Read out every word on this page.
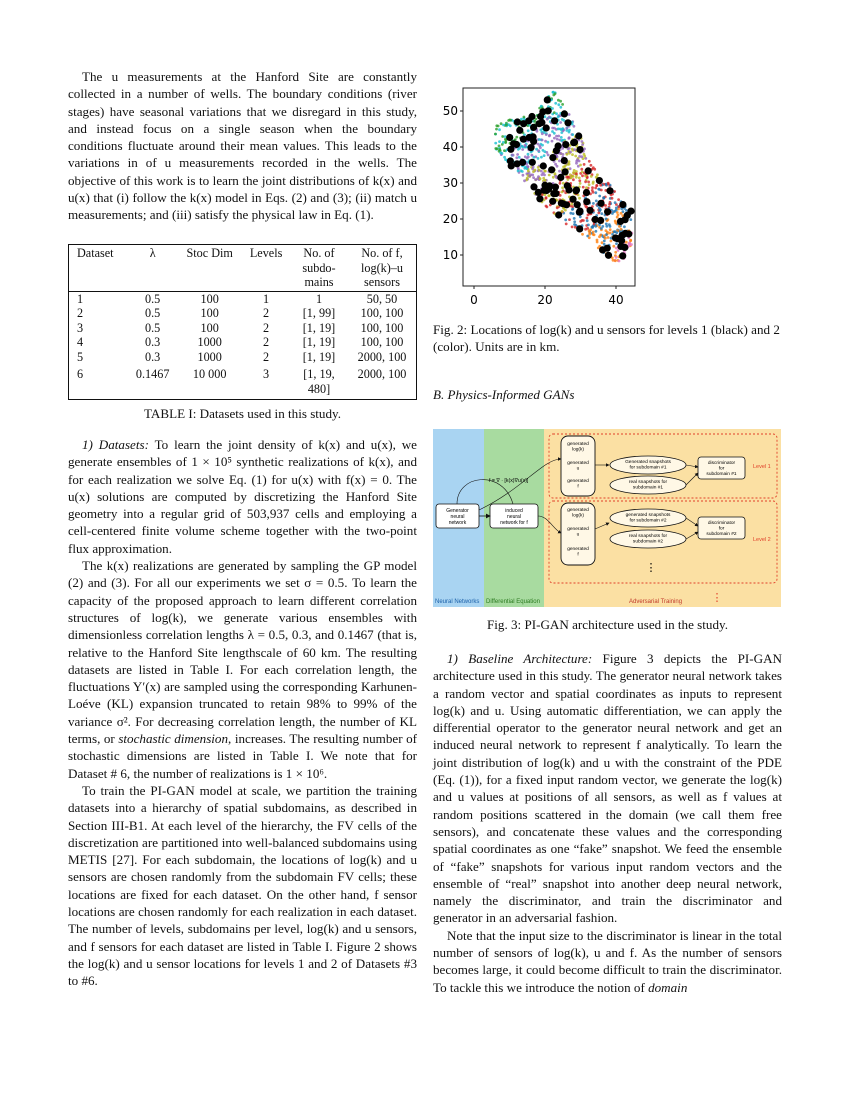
The u measurements at the Hanford Site are constantly collected in a number of wells. The boundary conditions (river stages) have seasonal variations that we disregard in this study, and instead focus on a single season when the boundary conditions fluctuate around their mean values. This leads to the variations in of u measurements recorded in the wells. The objective of this work is to learn the joint distributions of k(x) and u(x) that (i) follow the k(x) model in Eqs. (2) and (3); (ii) match u measurements; and (iii) satisfy the physical law in Eq. (1).

Dataset	λ	Stoc Dim	Levels	No. of subdo- mains	No. of f, log(k)–u sensors
1	0.5	100	1	1	50, 50
2	0.5	100	2	[1, 99]	100, 100
3	0.5	100	2	[1, 19]	100, 100
4	0.3	1000	2	[1, 19]	100, 100
5	0.3	1000	2	[1, 19]	2000, 100
6	0.1467	10 000	3	[1, 19, 480]	2000, 100
TABLE I: Datasets used in this study.

1) Datasets: To learn the joint density of k(x) and u(x), we generate ensembles of 1 × 10⁵ synthetic realizations of k(x), and for each realization we solve Eq. (1) for u(x) with f(x) = 0. The u(x) solutions are computed by discretizing the Hanford Site geometry into a regular grid of 503,937 cells and employing a cell-centered finite volume scheme together with the two-point flux approximation.

The k(x) realizations are generated by sampling the GP model (2) and (3). For all our experiments we set σ = 0.5. To learn the capacity of the proposed approach to learn different correlation structures of log(k), we generate various ensembles with dimensionless correlation lengths λ = 0.5, 0.3, and 0.1467 (that is, relative to the Hanford Site lengthscale of 60 km. The resulting datasets are listed in Table I. For each correlation length, the fluctuations Y′(x) are sampled using the corresponding Karhunen-Loéve (KL) expansion truncated to retain 98% to 99% of the variance σ². For decreasing correlation length, the number of KL terms, or stochastic dimension, increases. The resulting number of stochastic dimensions are listed in Table I. We note that for Dataset # 6, the number of realizations is 1 × 10⁶.

To train the PI-GAN model at scale, we partition the training datasets into a hierarchy of spatial subdomains, as described in Section III-B1. At each level of the hierarchy, the FV cells of the discretization are partitioned into well-balanced subdomains using METIS [27]. For each subdomain, the locations of log(k) and u sensors are chosen randomly from the subdomain FV cells; these locations are fixed for each dataset. On the other hand, f sensor locations are chosen randomly for each realization in each dataset. The number of levels, subdomains per level, log(k) and u sensors, and f sensors for each dataset are listed in Table I. Figure 2 shows the log(k) and u sensor locations for levels 1 and 2 of Datasets #3 to #6.

50
40
30
20
10
0	20	40
Fig. 2: Locations of log(k) and u sensors for levels 1 (black) and 2 (color). Units are in km.
B. Physics-Informed GANs
Neural Networks Differential Equation	Adversarial Training
Generator neural network
f = ∇ · [k(x)∇u(x)]
induced neural network for f
generated log(k)
generated u
generated f
Generated snapshots for subdomain #1
real snapshots for subdomain #1
discriminator for subdomain #1
Level 1
generated log(k)
generated u
generated f
generated snapshots for subdomain #2
real snapshots for subdomain #2
discriminator for subdomain #2
Level 2
⋮
⋮
Fig. 3: PI-GAN architecture used in the study.

1) Baseline Architecture: Figure 3 depicts the PI-GAN architecture used in this study. The generator neural network takes a random vector and spatial coordinates as inputs to represent log(k) and u. Using automatic differentiation, we can apply the differential operator to the generator neural network and get an induced neural network to represent f analytically. To learn the joint distribution of log(k) and u with the constraint of the PDE (Eq. (1)), for a fixed input random vector, we generate the log(k) and u values at positions of all sensors, as well as f values at random positions scattered in the domain (we call them free sensors), and concatenate these values and the corresponding spatial coordinates as one “fake” snapshot. We feed the ensemble of “fake” snapshots for various input random vectors and the ensemble of “real” snapshot into another deep neural network, namely the discriminator, and train the discriminator and generator in an adversarial fashion.

Note that the input size to the discriminator is linear in the total number of sensors of log(k), u and f. As the number of sensors becomes large, it could become difficult to train the discriminator. To tackle this we introduce the notion of domain
